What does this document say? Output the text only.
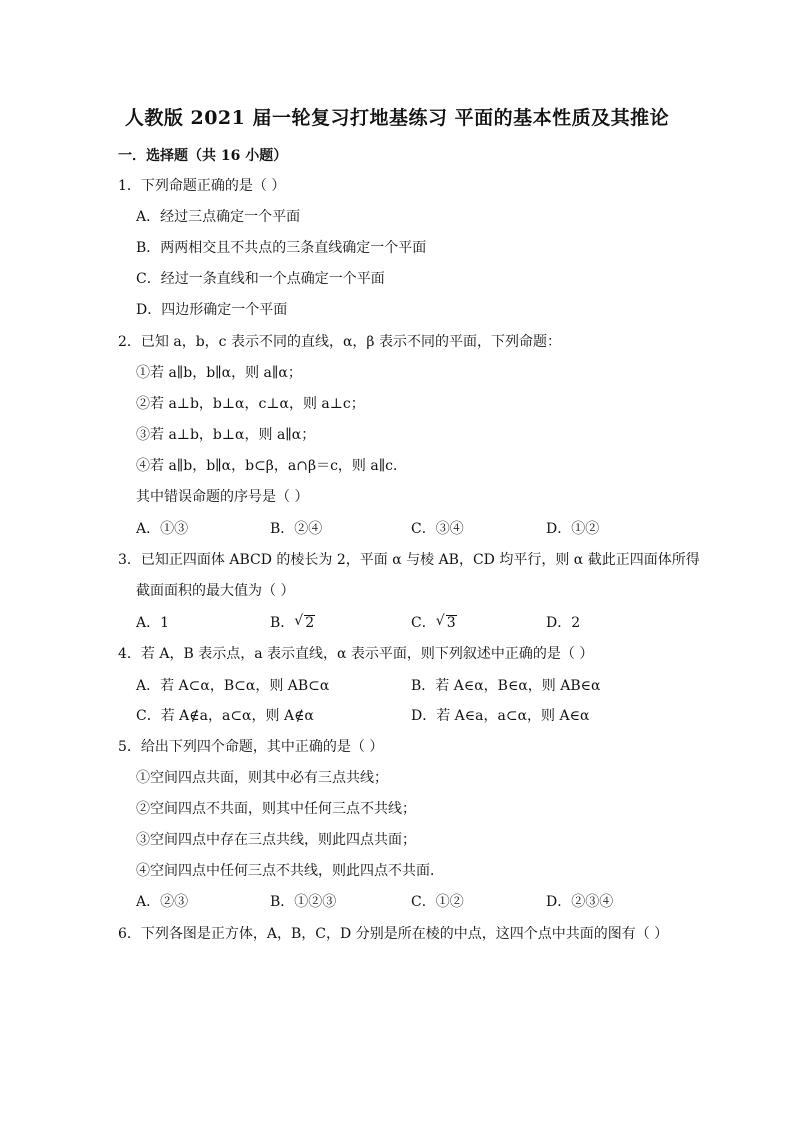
人教版 2021 届一轮复习打地基练习 平面的基本性质及其推论
一．选择题（共 16 小题）
1．下列命题正确的是（ ）
A．经过三点确定一个平面
B．两两相交且不共点的三条直线确定一个平面
C．经过一条直线和一个点确定一个平面
D．四边形确定一个平面
2．已知 a，b，c 表示不同的直线，α，β 表示不同的平面，下列命题：
①若 a∥b，b∥α，则 a∥α；
②若 a⊥b，b⊥α，c⊥α，则 a⊥c；
③若 a⊥b，b⊥α，则 a∥α；
④若 a∥b，b∥α，b⊂β，a∩β＝c，则 a∥c．
其中错误命题的序号是（ ）
A．①③	B．②④	C．③④	D．①②
3．已知正四面体 ABCD 的棱长为 2，平面 α 与棱 AB，CD 均平行，则 α 截此正四面体所得
截面面积的最大值为（ ）
A．1	B． √ 2	C． √ 3	D．2
4．若 A，B 表示点，a 表示直线，α 表示平面，则下列叙述中正确的是（ ）
A．若 A⊂α，B⊂α，则 AB⊂α	B．若 A∈α，B∈α，则 AB∈α
C．若 A∉a，a⊂α，则 A∉α	D．若 A∈a，a⊂α，则 A∈α
5．给出下列四个命题，其中正确的是（ ）
①空间四点共面，则其中必有三点共线；
②空间四点不共面，则其中任何三点不共线；
③空间四点中存在三点共线，则此四点共面；
④空间四点中任何三点不共线，则此四点不共面．
A．②③	B．①②③	C．①②	D．②③④
6．下列各图是正方体，A，B，C，D 分别是所在棱的中点，这四个点中共面的图有（ ）
